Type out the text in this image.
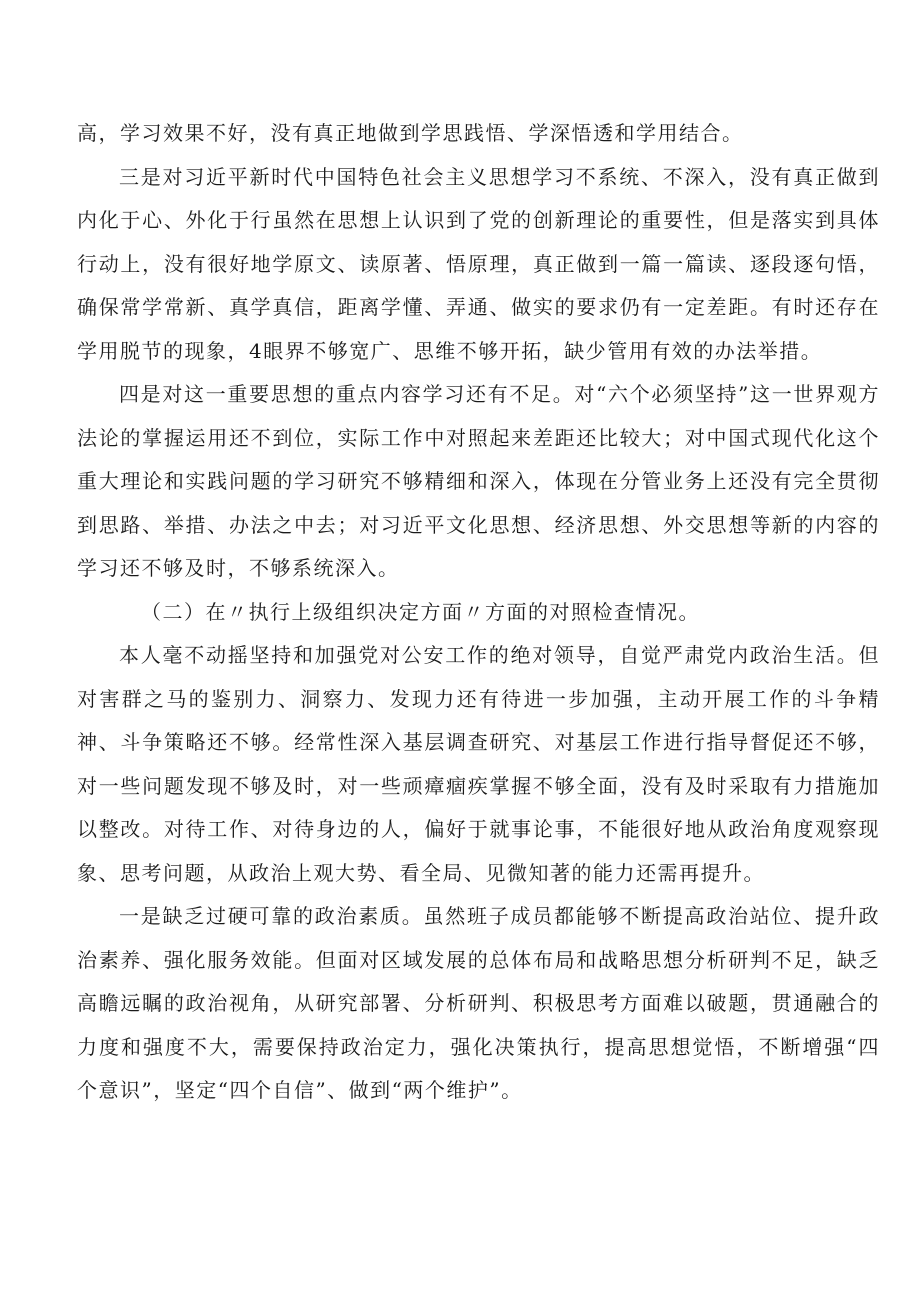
高，学习效果不好，没有真正地做到学思践悟、学深悟透和学用结合。

三是对习近平新时代中国特色社会主义思想学习不系统、不深入，没有真正做到内化于心、外化于行虽然在思想上认识到了党的创新理论的重要性，但是落实到具体行动上，没有很好地学原文、读原著、悟原理，真正做到一篇一篇读、逐段逐句悟，确保常学常新、真学真信，距离学懂、弄通、做实的要求仍有一定差距。有时还存在学用脱节的现象，4眼界不够宽广、思维不够开拓，缺少管用有效的办法举措。

四是对这一重要思想的重点内容学习还有不足。对“六个必须坚持”这一世界观方法论的掌握运用还不到位，实际工作中对照起来差距还比较大；对中国式现代化这个重大理论和实践问题的学习研究不够精细和深入，体现在分管业务上还没有完全贯彻到思路、举措、办法之中去；对习近平文化思想、经济思想、外交思想等新的内容的学习还不够及时，不够系统深入。

（二）在〃执行上级组织决定方面〃方面的对照检查情况。

本人毫不动摇坚持和加强党对公安工作的绝对领导，自觉严肃党内政治生活。但对害群之马的鉴别力、洞察力、发现力还有待进一步加强，主动开展工作的斗争精神、斗争策略还不够。经常性深入基层调查研究、对基层工作进行指导督促还不够，对一些问题发现不够及时，对一些顽瘴痼疾掌握不够全面，没有及时采取有力措施加以整改。对待工作、对待身边的人，偏好于就事论事，不能很好地从政治角度观察现象、思考问题，从政治上观大势、看全局、见微知著的能力还需再提升。

一是缺乏过硬可靠的政治素质。虽然班子成员都能够不断提高政治站位、提升政治素养、强化服务效能。但面对区域发展的总体布局和战略思想分析研判不足，缺乏高瞻远瞩的政治视角，从研究部署、分析研判、积极思考方面难以破题，贯通融合的力度和强度不大，需要保持政治定力，强化决策执行，提高思想觉悟，不断增强“四个意识”，坚定“四个自信”、做到“两个维护”。
